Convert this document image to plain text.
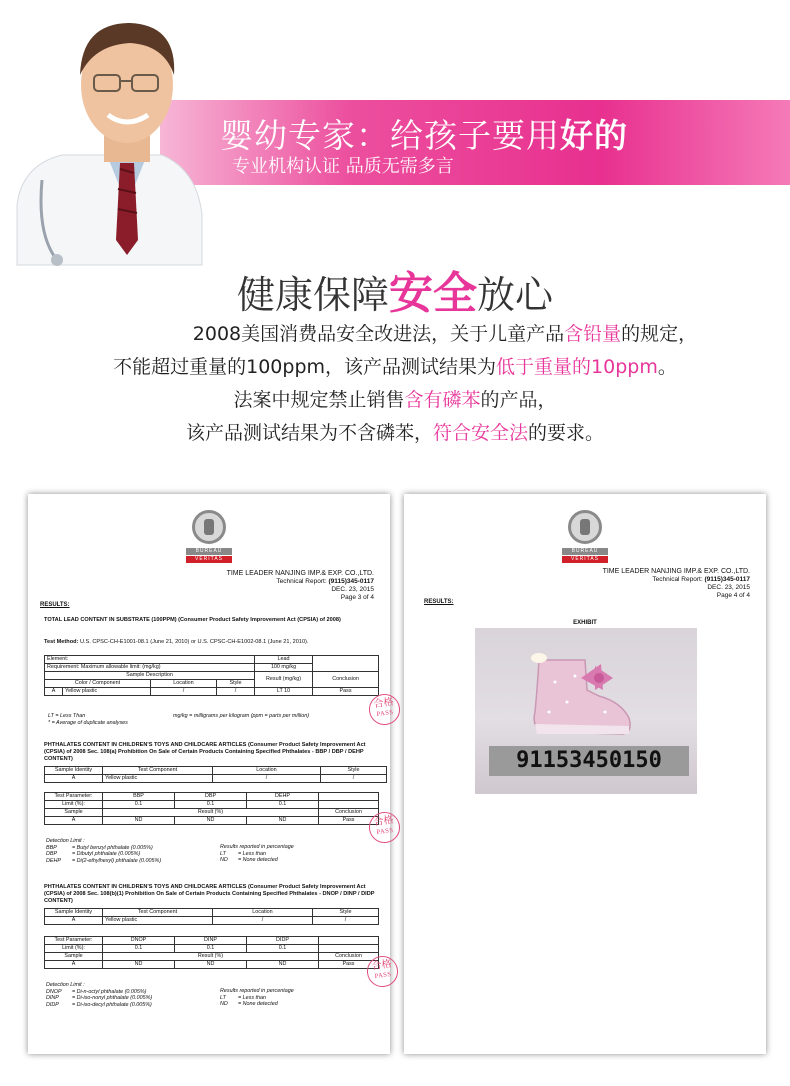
婴幼专家：给孩子要用好的
专业机构认证 品质无需多言
健康保障安全放心

2008美国消费品安全改进法，关于儿童产品含铅量的规定，

不能超过重量的100ppm，该产品测试结果为低于重量的10ppm。

法案中规定禁止销售含有磷苯的产品，

该产品测试结果为不含磷苯，符合安全法的要求。

BUREAU
VERITAS
TIME LEADER NANJING IMP.& EXP. CO.,LTD.
Technical Report: (9115)345-0117
DEC. 23, 2015
Page 3 of 4
RESULTS:
TOTAL LEAD CONTENT IN SUBSTRATE (100PPM) (Consumer Product Safety Improvement Act (CPSIA) of 2008)
Test Method: U.S. CPSC-CH-E1001-08.1 (June 21, 2010) or U.S. CPSC-CH-E1002-08.1 (June 21, 2010).
Element:				Lead	
Requirement: Maximum allowable limit: (mg/kg)				100 mg/kg	
Sample Description				Result (mg/kg)	Conclusion
Color / Component		Location	Style		
A	Yellow plastic	/	/	LT 10	Pass
LT = Less Than
* = Average of duplicate analyses
mg/kg = milligrams per kilogram (ppm = parts per million)
合格
PASS
PHTHALATES CONTENT IN CHILDREN'S TOYS AND CHILDCARE ARTICLES (Consumer Product Safety Improvement Act (CPSIA) of 2008 Sec. 108(a) Prohibition On Sale of Certain Products Containing Specified Phthalates - BBP / DBP / DEHP CONTENT)
Sample Identity	Test Component	Location	Style
A	Yellow plastic	/	/
Test Parameter:	BBP	DBP	DEHP	
Limit (%):	0.1	0.1	0.1	
Sample	Result (%)			Conclusion
A	ND	ND	ND	Pass	合格
PASS
Detection Limit :
BBP	= Butyl benzyl phthalate (0.005%)
DBP	= Dibutyl phthalate (0.005%)
DEHP = Di(2-ethylhexyl) phthalate (0.005%)
Results reported in percentage
LT = Less than
ND = None detected
PHTHALATES CONTENT IN CHILDREN'S TOYS AND CHILDCARE ARTICLES (Consumer Product Safety Improvement Act (CPSIA) of 2008 Sec. 108(b)(1) Prohibition On Sale of Certain Products Containing Specified Phthalates - DNOP / DINP / DIDP CONTENT)
Sample Identity	Test Component	Location	Style
A	Yellow plastic	/	/
Test Parameter:	DNOP	DINP	DIDP	
Limit (%):	0.1	0.1	0.1	
Sample	Result (%)			Conclusion
A	ND	ND	ND	Pass	合格
PASS
Detection Limit :
DNOP = Di-n-octyl phthalate (0.005%)
DINP = Di-iso-nonyl phthalate (0.005%)
DIDP = Di-iso-decyl phthalate (0.005%)
Results reported in percentage
LT = Less than
ND = None detected
BUREAU
VERITAS
TIME LEADER NANJING IMP.& EXP. CO.,LTD.
Technical Report: (9115)345-0117
DEC. 23, 2015
Page 4 of 4
RESULTS:
EXHIBIT
91153450150
